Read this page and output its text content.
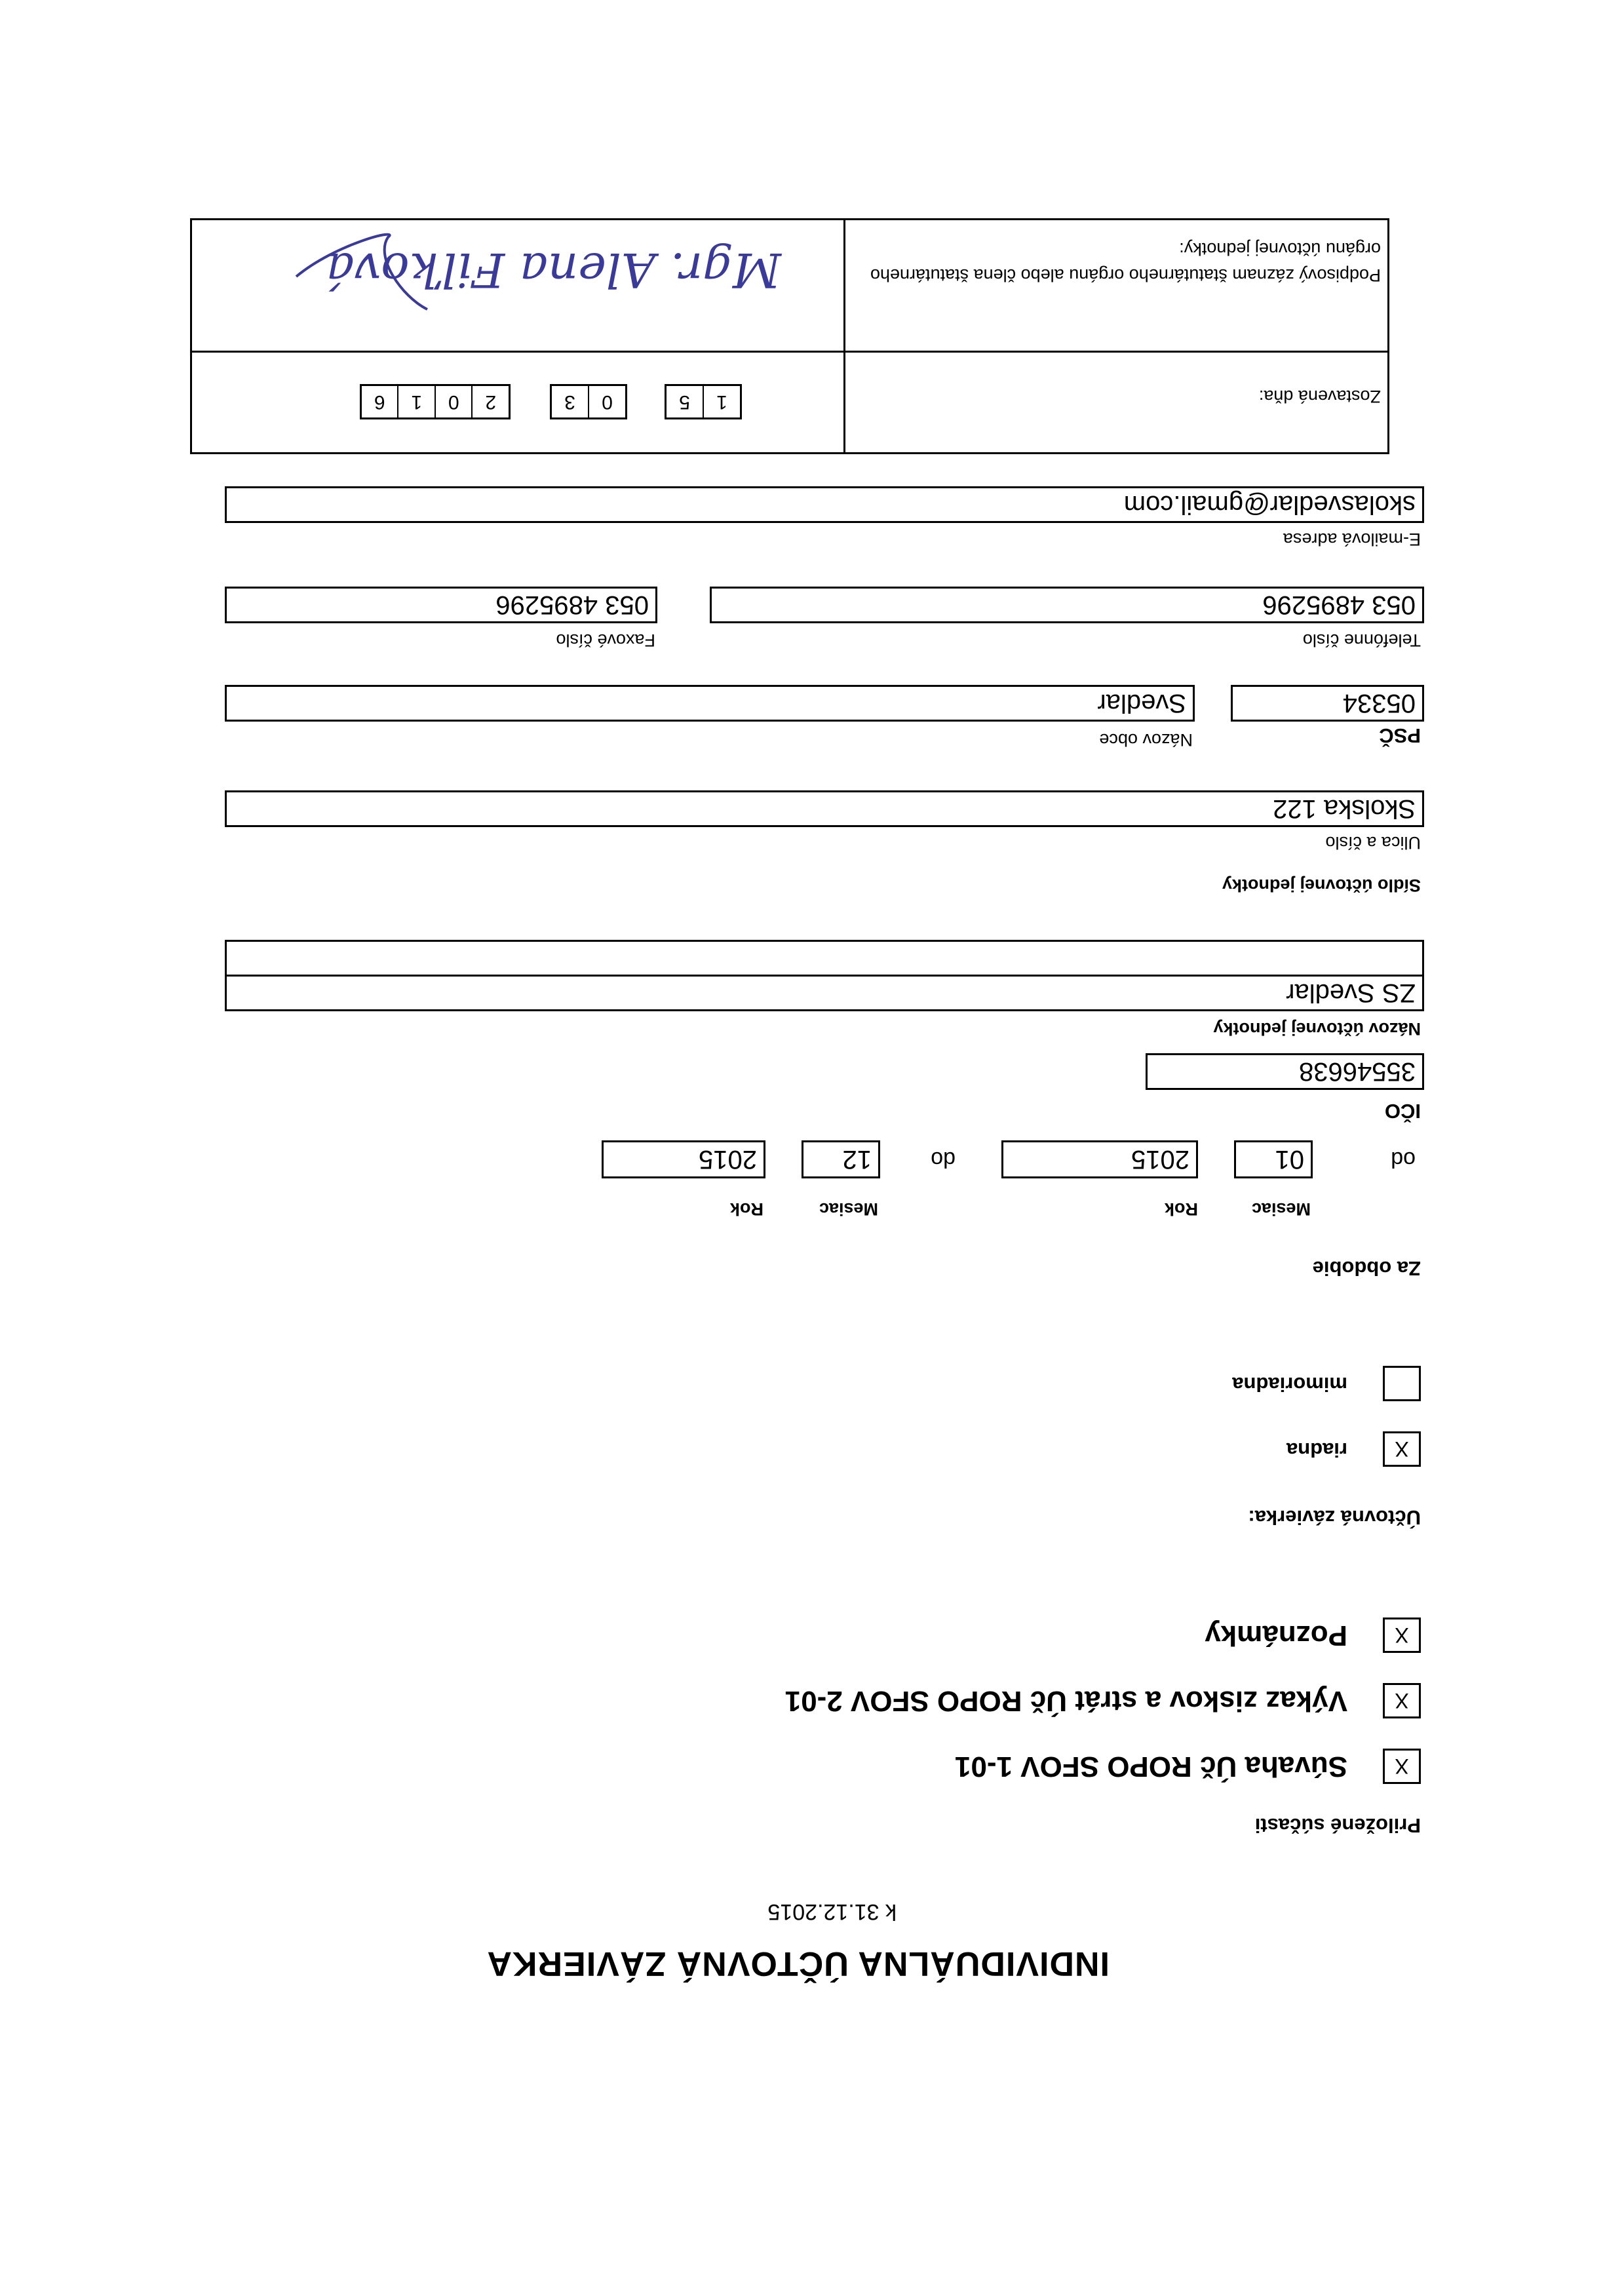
INDIVIDUÁLNA ÚČTOVNÁ ZÁVIERKA
k 31.12.2015
Priložené súčasti
X
Súvaha Úč ROPO SFOV 1-01
X
Výkaz ziskov a strát Úč ROPO SFOV 2-01
X
Poznámky
Účtovná závierka:
X
riadna
mimoriadna
Za obdobie
Mesiac
Rok
Mesiac
Rok
od
01
2015
do
12
2015
IČO
35546638
Názov účtovnej jednotky
ZS Svedlar
Sídlo účtovnej jednotky
Ulica a číslo
Skolska 122
PSČ
Názov obce
05334
Svedlar
Telefónne číslo
Faxové číslo
053 4895296
053 4895296
E-mailová adresa
skolasvedlar@gmail.com
Zostavená dňa:
1
5
0
3
2
0
1
6
Podpisový záznam štatutárneho orgánu alebo člena štatutárneho
orgánu účtovnej jednotky:
Mgr. Alena Fiľková
